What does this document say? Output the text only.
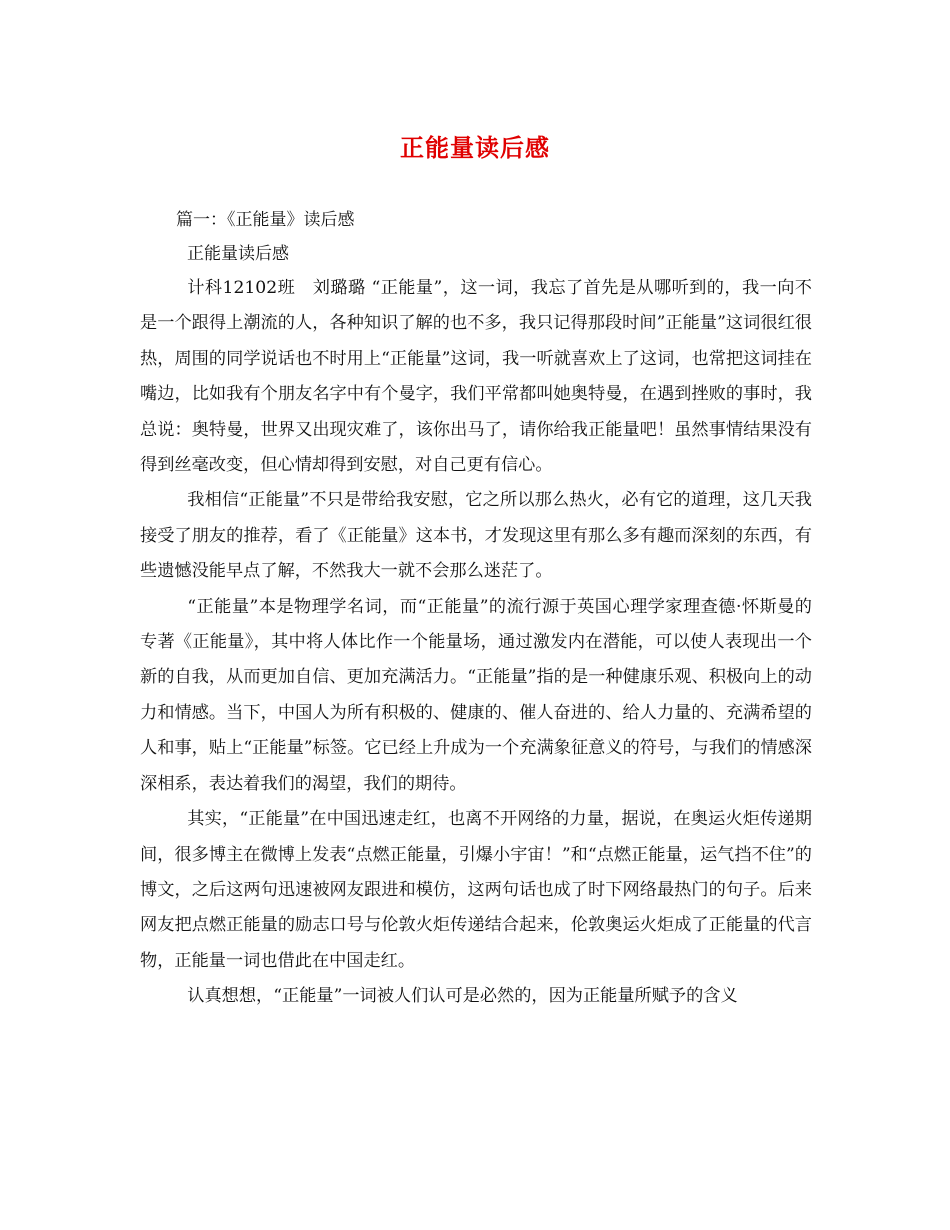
正能量读后感
篇一：《正能量》读后感
正能量读后感

计科12102班　刘璐璐 “正能量”，这一词，我忘了首先是从哪听到的，我一向不是一个跟得上潮流的人，各种知识了解的也不多，我只记得那段时间”正能量”这词很红很热，周围的同学说话也不时用上“正能量”这词，我一听就喜欢上了这词，也常把这词挂在嘴边，比如我有个朋友名字中有个曼字，我们平常都叫她奥特曼，在遇到挫败的事时，我总说：奥特曼，世界又出现灾难了，该你出马了，请你给我正能量吧！虽然事情结果没有得到丝毫改变，但心情却得到安慰，对自己更有信心。

我相信“正能量”不只是带给我安慰，它之所以那么热火，必有它的道理，这几天我接受了朋友的推荐，看了《正能量》这本书，才发现这里有那么多有趣而深刻的东西，有些遗憾没能早点了解，不然我大一就不会那么迷茫了。

“正能量”本是物理学名词，而“正能量”的流行源于英国心理学家理查德·怀斯曼的专著《正能量》，其中将人体比作一个能量场，通过激发内在潜能，可以使人表现出一个新的自我，从而更加自信、更加充满活力。“正能量”指的是一种健康乐观、积极向上的动力和情感。当下，中国人为所有积极的、健康的、催人奋进的、给人力量的、充满希望的人和事，贴上“正能量”标签。它已经上升成为一个充满象征意义的符号，与我们的情感深深相系，表达着我们的渴望，我们的期待。

其实，“正能量”在中国迅速走红，也离不开网络的力量，据说，在奥运火炬传递期间，很多博主在微博上发表“点燃正能量，引爆小宇宙！”和“点燃正能量，运气挡不住”的博文，之后这两句迅速被网友跟进和模仿，这两句话也成了时下网络最热门的句子。后来网友把点燃正能量的励志口号与伦敦火炬传递结合起来，伦敦奥运火炬成了正能量的代言物，正能量一词也借此在中国走红。

认真想想，“正能量”一词被人们认可是必然的，因为正能量所赋予的含义
